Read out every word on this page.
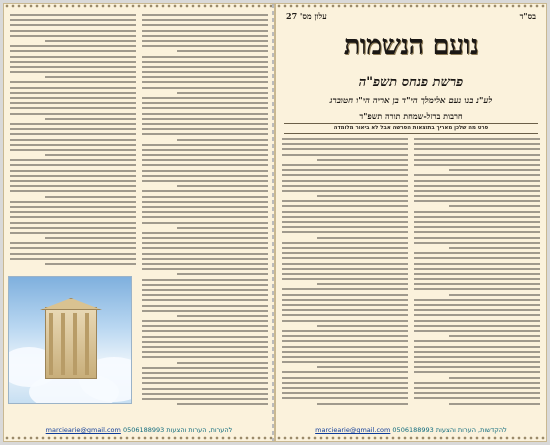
להערות, הערות והצעות 0506188993 marciearie@gmail.com
עלון מס' 27	בס"ד
נועם הנשמות
פרשת פנחס תשפ"ה
לע"נ בנו נעם אלימלך הי"ד בן אריה הי"ו חטוברג
חרבות ברזל-שמחת תורה תשפ"ד
פרט מה שלכן מאריך בתוצאות הפרשה אבל לא ביאור מלומדה
להקדשות, הערות והצעות 0506188993 marciearie@gmail.com
